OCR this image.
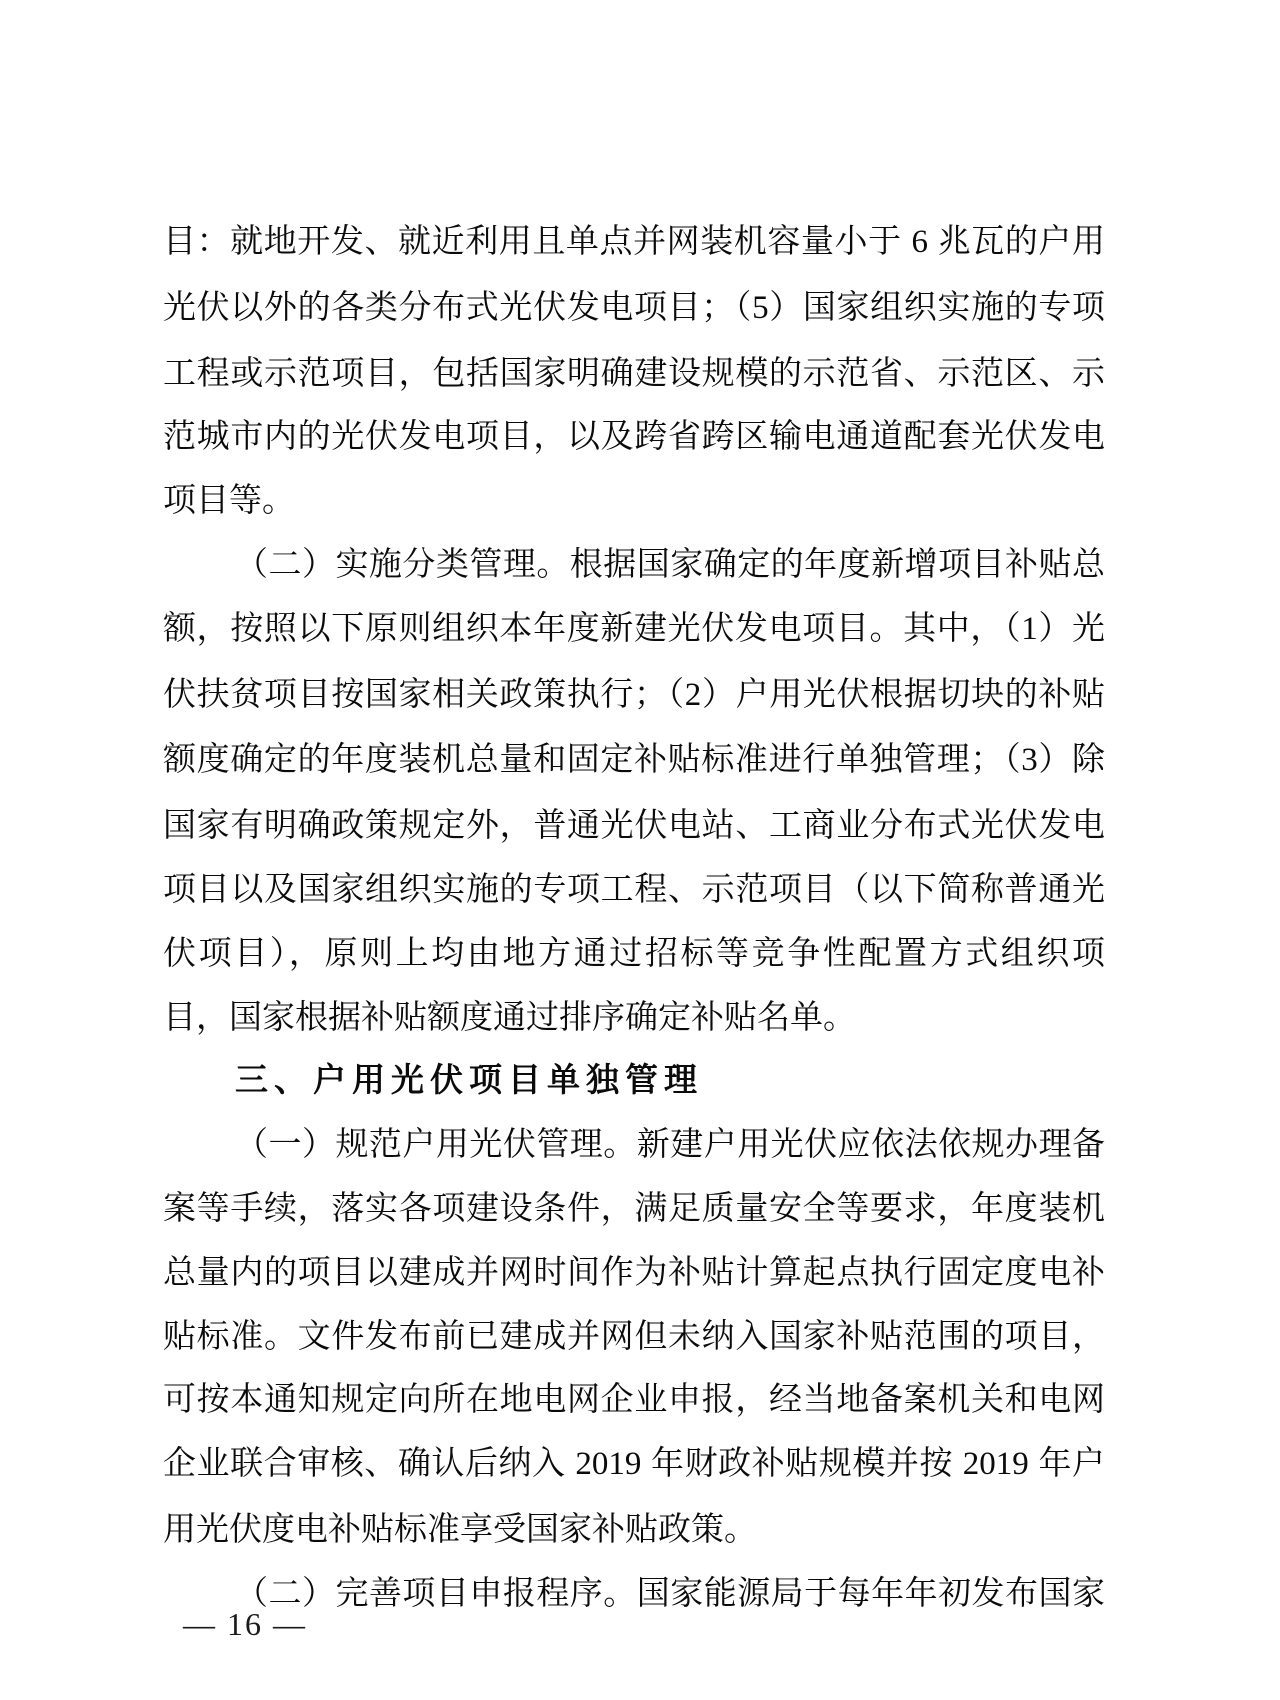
目：就地开发、就近利用且单点并网装机容量小于 6 兆瓦的户用
光伏以外的各类分布式光伏发电项目；（5）国家组织实施的专项
工程或示范项目，包括国家明确建设规模的示范省、示范区、示
范城市内的光伏发电项目，以及跨省跨区输电通道配套光伏发电
项目等。
（二）实施分类管理。根据国家确定的年度新增项目补贴总
额，按照以下原则组织本年度新建光伏发电项目。其中，（1）光
伏扶贫项目按国家相关政策执行；（2）户用光伏根据切块的补贴
额度确定的年度装机总量和固定补贴标准进行单独管理；（3）除
国家有明确政策规定外，普通光伏电站、工商业分布式光伏发电
项目以及国家组织实施的专项工程、示范项目（以下简称普通光
伏项目），原则上均由地方通过招标等竞争性配置方式组织项
目，国家根据补贴额度通过排序确定补贴名单。
三、户用光伏项目单独管理
（一）规范户用光伏管理。新建户用光伏应依法依规办理备
案等手续，落实各项建设条件，满足质量安全等要求，年度装机
总量内的项目以建成并网时间作为补贴计算起点执行固定度电补
贴标准。文件发布前已建成并网但未纳入国家补贴范围的项目，
可按本通知规定向所在地电网企业申报，经当地备案机关和电网
企业联合审核、确认后纳入 2019 年财政补贴规模并按 2019 年户
用光伏度电补贴标准享受国家补贴政策。
（二）完善项目申报程序。国家能源局于每年年初发布国家
— 16 —
